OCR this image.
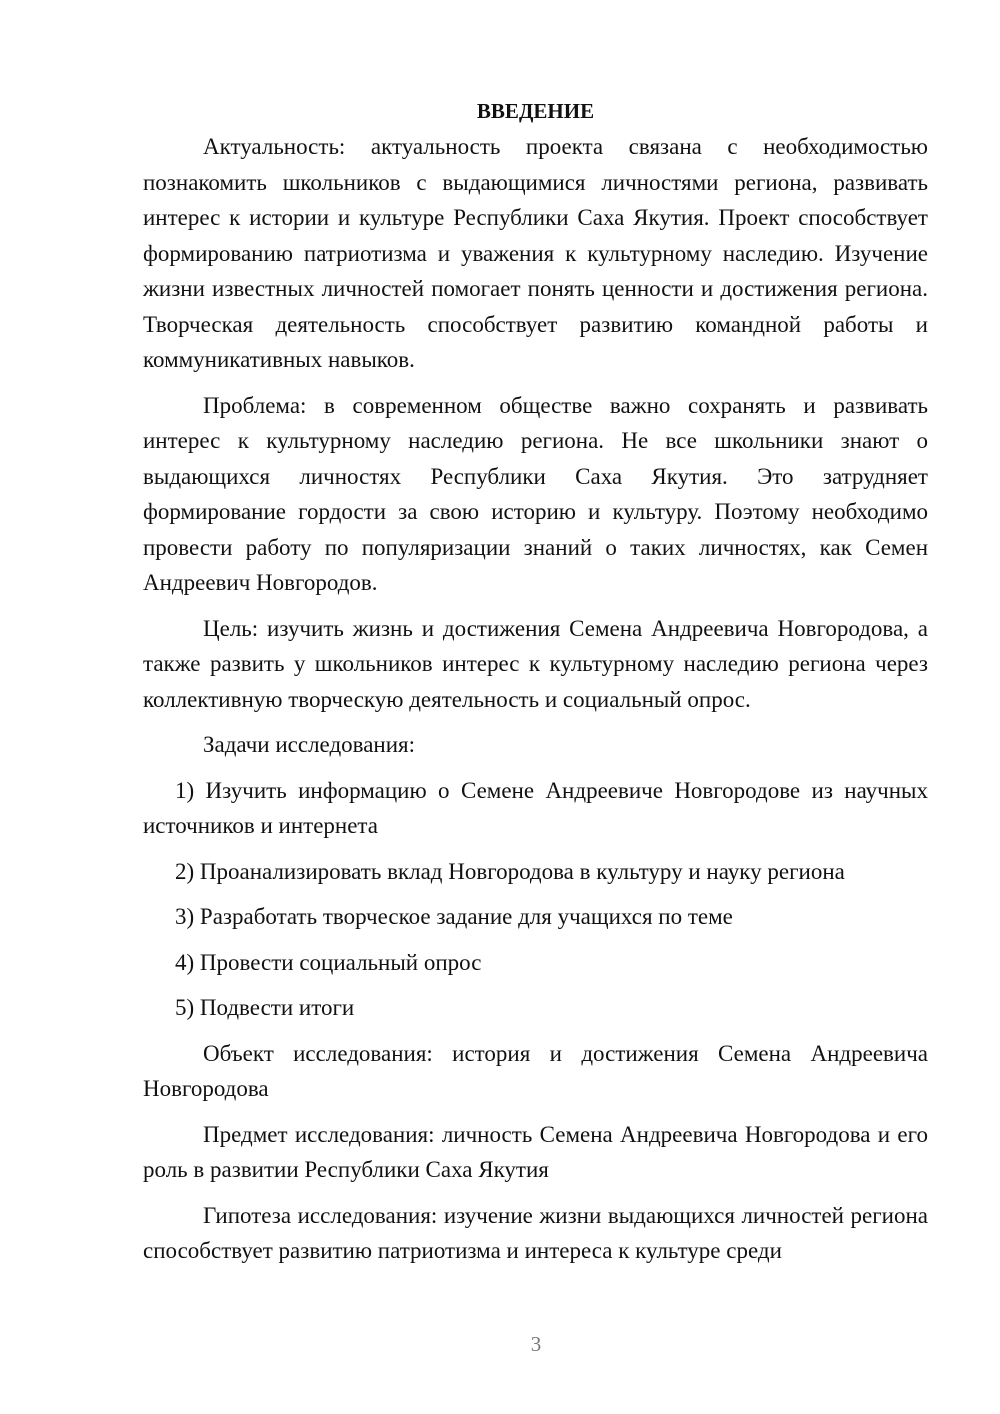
ВВЕДЕНИЕ

Актуальность: актуальность проекта связана с необходимостью познакомить школьников с выдающимися личностями региона, развивать интерес к истории и культуре Республики Саха Якутия. Проект способствует формированию патриотизма и уважения к культурному наследию. Изучение жизни известных личностей помогает понять ценности и достижения региона. Творческая деятельность способствует развитию командной работы и коммуникативных навыков.

Проблема: в современном обществе важно сохранять и развивать интерес к культурному наследию региона. Не все школьники знают о выдающихся личностях Республики Саха Якутия. Это затрудняет формирование гордости за свою историю и культуру. Поэтому необходимо провести работу по популяризации знаний о таких личностях, как Семен Андреевич Новгородов.

Цель: изучить жизнь и достижения Семена Андреевича Новгородова, а также развить у школьников интерес к культурному наследию региона через коллективную творческую деятельность и социальный опрос.

Задачи исследования:

1) Изучить информацию о Семене Андреевиче Новгородове из научных источников и интернета

2) Проанализировать вклад Новгородова в культуру и науку региона

3) Разработать творческое задание для учащихся по теме

4) Провести социальный опрос

5) Подвести итоги

Объект исследования: история и достижения Семена Андреевича Новгородова

Предмет исследования: личность Семена Андреевича Новгородова и его роль в развитии Республики Саха Якутия

Гипотеза исследования: изучение жизни выдающихся личностей региона способствует развитию патриотизма и интереса к культуре среди

3
